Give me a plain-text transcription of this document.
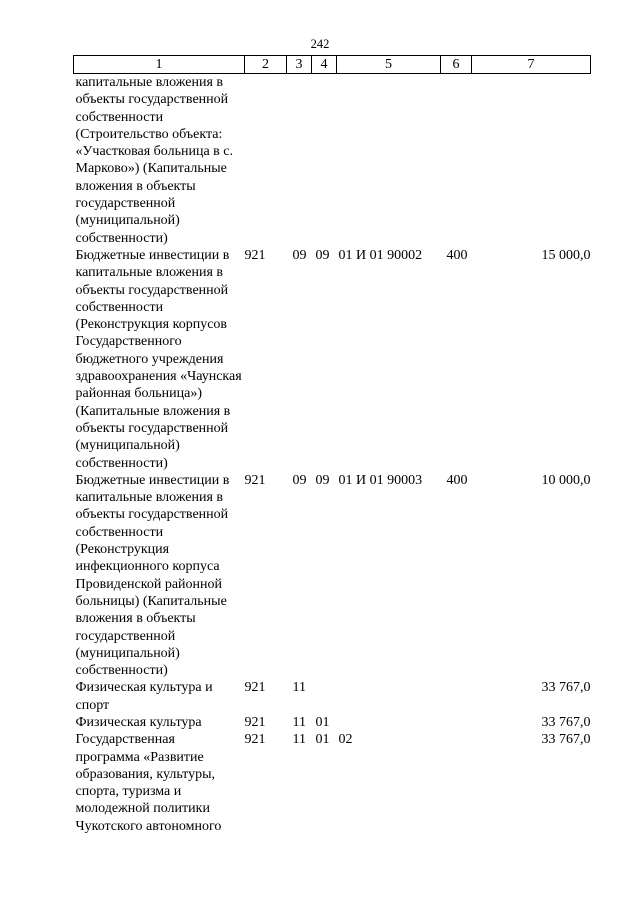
242
1	2	3	4	5	6	7
капитальные вложения в объекты государственной собственности (Строительство объекта: «Участковая больница в с. Марково») (Капитальные вложения в объекты государственной (муниципальной) собственности)						
Бюджетные инвестиции в капитальные вложения в объекты государственной собственности (Реконструкция корпусов Государственного бюджетного учреждения здравоохранения «Чаунская районная больница») (Капитальные вложения в объекты государственной (муниципальной) собственности)	921	09	09	01 И 01 90002	400	15 000,0
Бюджетные инвестиции в капитальные вложения в объекты государственной собственности (Реконструкция инфекционного корпуса Провиденской районной больницы) (Капитальные вложения в объекты государственной (муниципальной) собственности)	921	09	09	01 И 01 90003	400	10 000,0
Физическая культура и спорт	921	11				33 767,0
Физическая культура	921	11	01			33 767,0
Государственная программа «Развитие образования, культуры, спорта, туризма и молодежной политики Чукотского автономного	921	11	01	02		33 767,0
